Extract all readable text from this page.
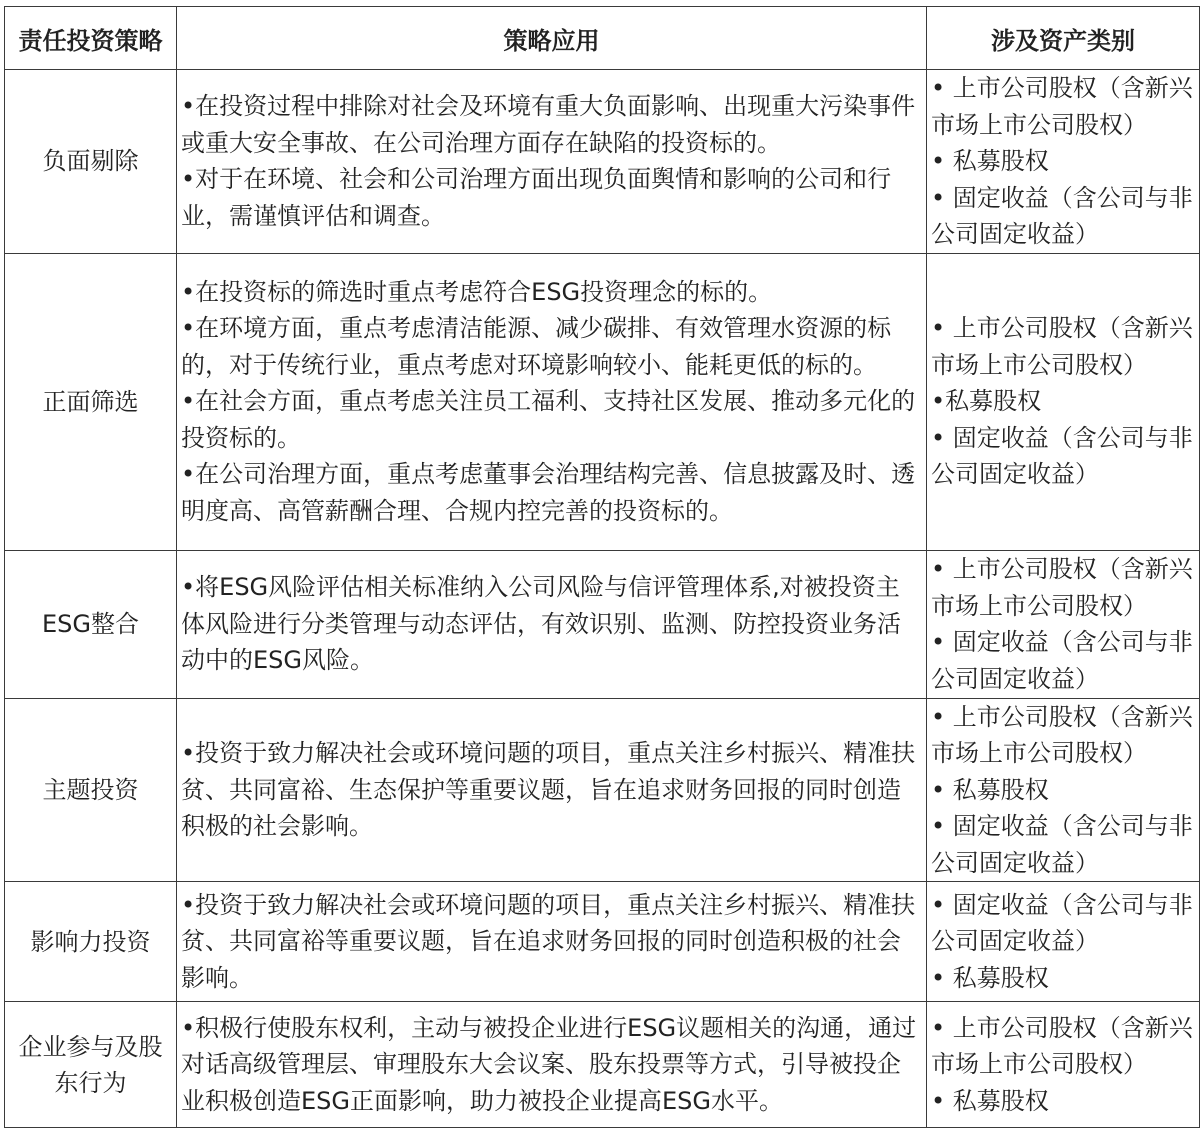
责任投资策略	策略应用	涉及资产类别
负面剔除	•在投资过程中排除对社会及环境有重大负面影响、出现重大污染事件或重大安全事故、在公司治理方面存在缺陷的投资标的。
•对于在环境、社会和公司治理方面出现负面舆情和影响的公司和行业，需谨慎评估和调查。	• 上市公司股权（含新兴市场上市公司股权）
• 私募股权
• 固定收益（含公司与非公司固定收益）

正面筛选	•在投资标的筛选时重点考虑符合ESG投资理念的标的。
•在环境方面，重点考虑清洁能源、减少碳排、有效管理水资源的标的，对于传统行业，重点考虑对环境影响较小、能耗更低的标的。
•在社会方面，重点考虑关注员工福利、支持社区发展、推动多元化的投资标的。
•在公司治理方面，重点考虑董事会治理结构完善、信息披露及时、透明度高、高管薪酬合理、合规内控完善的投资标的。	• 上市公司股权（含新兴市场上市公司股权）
•私募股权
• 固定收益（含公司与非公司固定收益）

ESG整合	•将ESG风险评估相关标准纳入公司风险与信评管理体系,对被投资主体风险进行分类管理与动态评估，有效识别、监测、防控投资业务活动中的ESG风险。	• 上市公司股权（含新兴市场上市公司股权）
• 固定收益（含公司与非公司固定收益）

主题投资	•投资于致力解决社会或环境问题的项目，重点关注乡村振兴、精准扶贫、共同富裕、生态保护等重要议题，旨在追求财务回报的同时创造积极的社会影响。	• 上市公司股权（含新兴市场上市公司股权）
• 私募股权
• 固定收益（含公司与非公司固定收益）

影响力投资	•投资于致力解决社会或环境问题的项目，重点关注乡村振兴、精准扶贫、共同富裕等重要议题，旨在追求财务回报的同时创造积极的社会影响。	• 固定收益（含公司与非公司固定收益）
• 私募股权

企业参与及股东行为	•积极行使股东权利，主动与被投企业进行ESG议题相关的沟通，通过对话高级管理层、审理股东大会议案、股东投票等方式，引导被投企业积极创造ESG正面影响，助力被投企业提高ESG水平。	• 上市公司股权（含新兴市场上市公司股权）
• 私募股权
